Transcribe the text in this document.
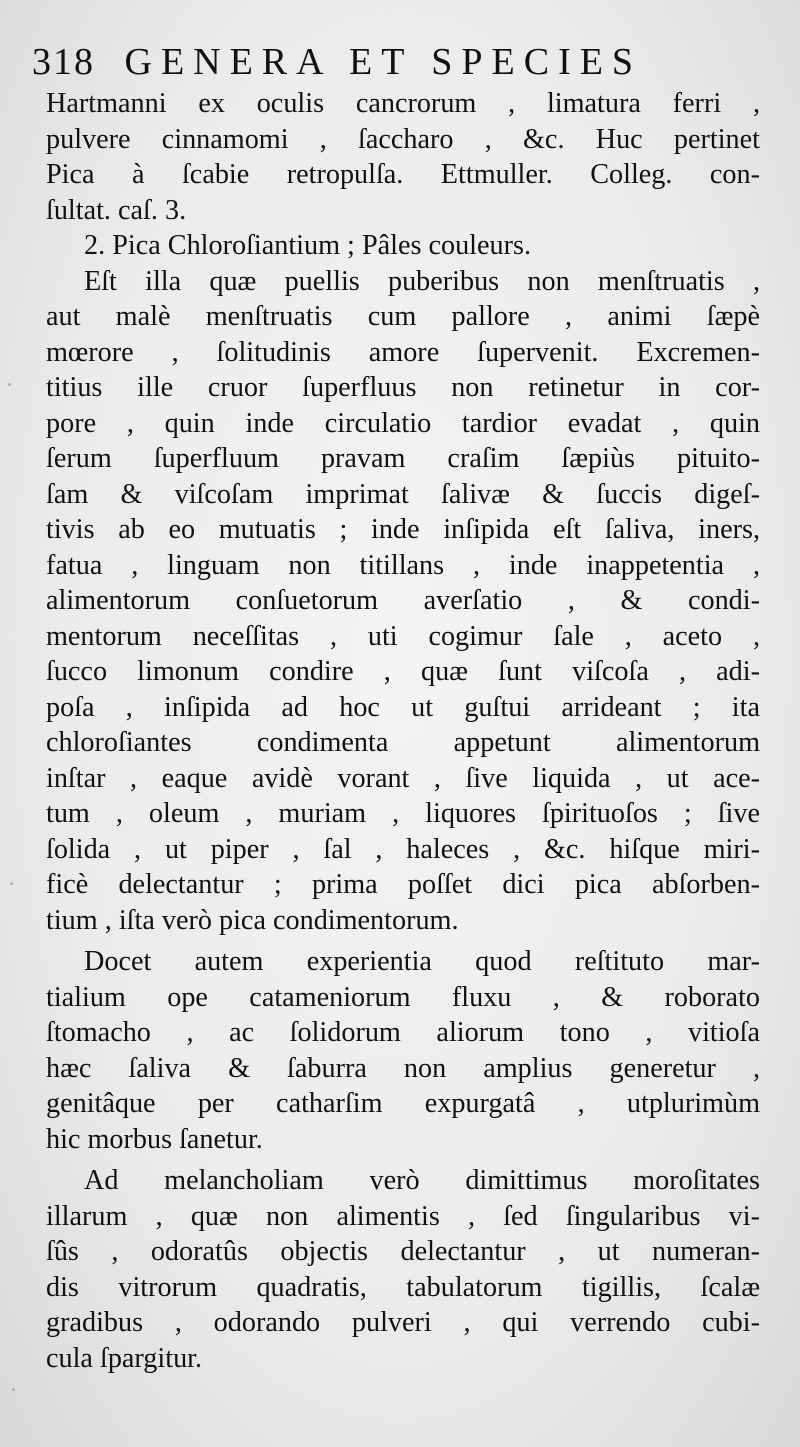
318 GENERA ET SPECIES
Hartmanni ex oculis cancrorum , limatura ferri ,
pulvere cinnamomi , ſaccharo , &c. Huc pertinet
Pica à ſcabie retropulſa. Ettmuller. Colleg. con-
ſultat. caſ. 3.
2. Pica Chloroſiantium ; Pâles couleurs.
Eſt illa quæ puellis puberibus non menſtruatis ,
aut malè menſtruatis cum pallore , animi ſæpè
mœrore , ſolitudinis amore ſupervenit. Excremen-
titius ille cruor ſuperfluus non retinetur in cor-
pore , quin inde circulatio tardior evadat , quin
ſerum ſuperfluum pravam craſim ſæpiùs pituito-
ſam & viſcoſam imprimat ſalivæ & ſuccis digeſ-
tivis ab eo mutuatis ; inde inſipida eſt ſaliva, iners,
fatua , linguam non titillans , inde inappetentia ,
alimentorum conſuetorum averſatio , & condi-
mentorum neceſſitas , uti cogimur ſale , aceto ,
ſucco limonum condire , quæ ſunt viſcoſa , adi-
poſa , inſipida ad hoc ut guſtui arrideant ; ita
chloroſiantes condimenta appetunt alimentorum
inſtar , eaque avidè vorant , ſive liquida , ut ace-
tum , oleum , muriam , liquores ſpirituoſos ; ſive
ſolida , ut piper , ſal , haleces , &c. hiſque miri-
ficè delectantur ; prima poſſet dici pica abſorben-
tium , iſta verò pica condimentorum.
Docet autem experientia quod reſtituto mar-
tialium ope catameniorum fluxu , & roborato
ſtomacho , ac ſolidorum aliorum tono , vitioſa
hæc ſaliva & ſaburra non amplius generetur ,
genitâque per catharſim expurgatâ , utplurimùm
hic morbus ſanetur.
Ad melancholiam verò dimittimus moroſitates
illarum , quæ non alimentis , ſed ſingularibus vi-
ſûs , odoratûs objectis delectantur , ut numeran-
dis vitrorum quadratis, tabulatorum tigillis, ſcalæ
gradibus , odorando pulveri , qui verrendo cubi-
cula ſpargitur.
